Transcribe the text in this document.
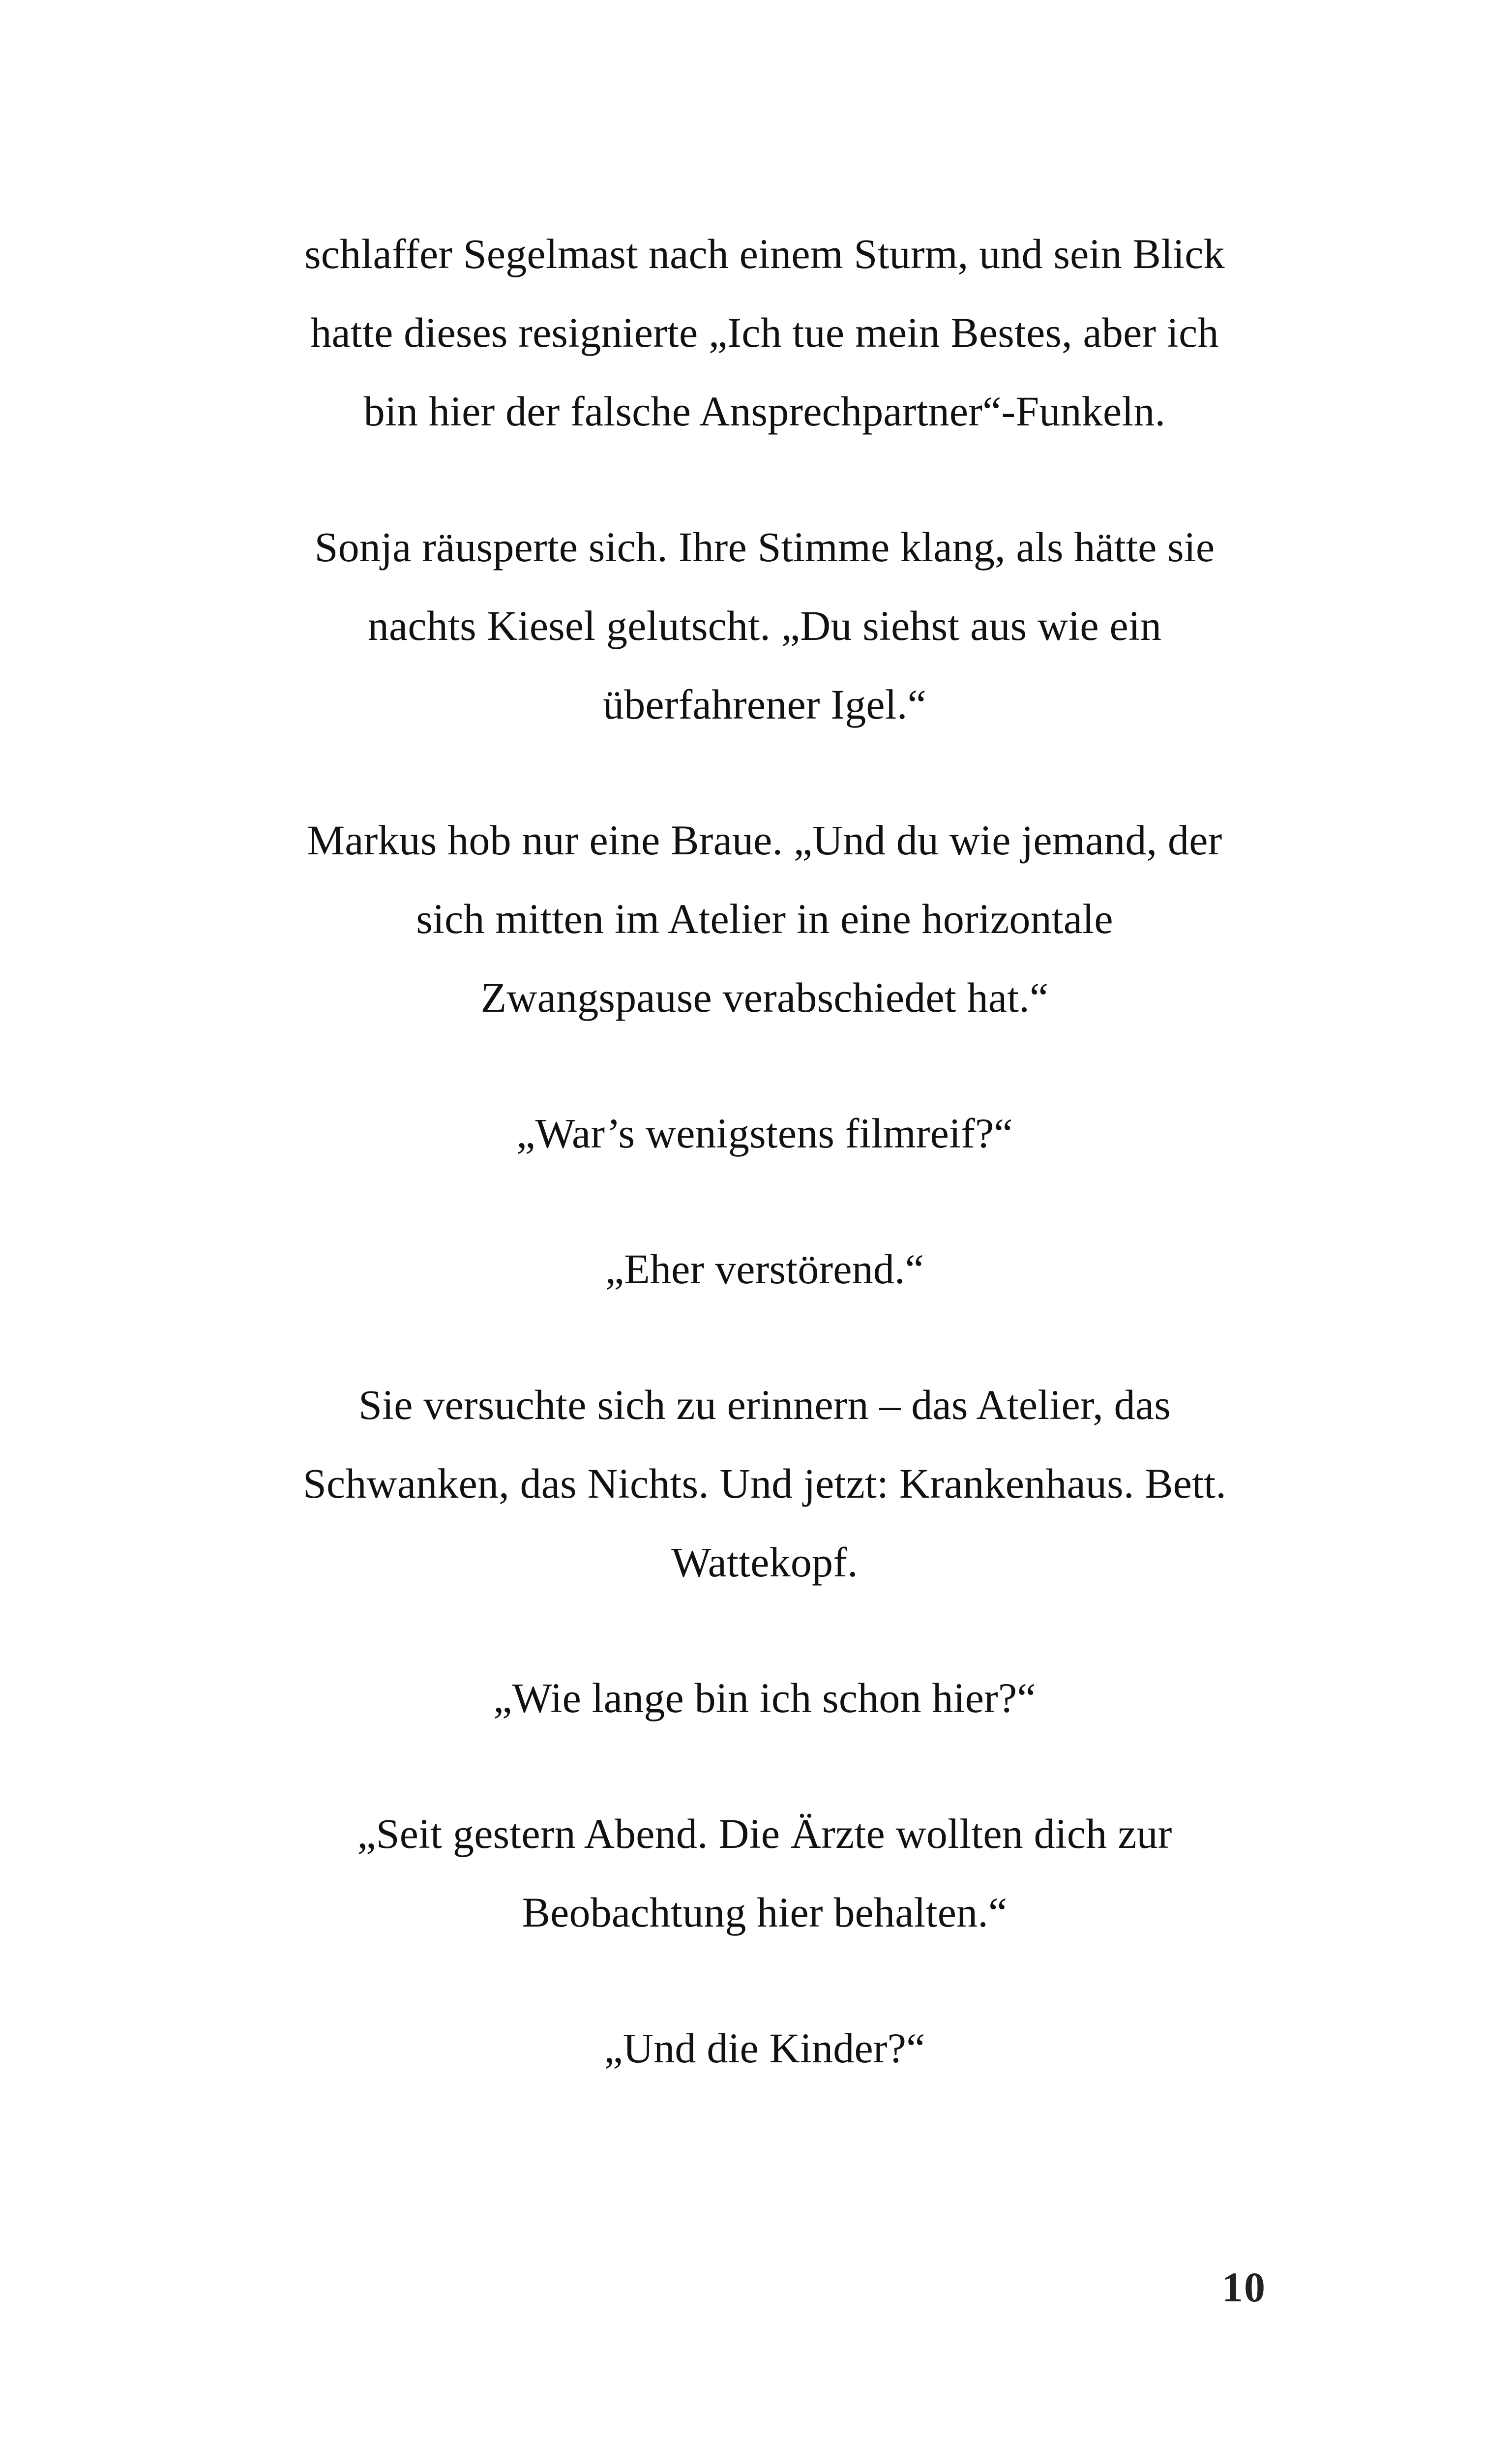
schlaffer Segelmast nach einem Sturm, und sein Blick
hatte dieses resignierte „Ich tue mein Bestes, aber ich
bin hier der falsche Ansprechpartner“-Funkeln.

Sonja räusperte sich. Ihre Stimme klang, als hätte sie
nachts Kiesel gelutscht. „Du siehst aus wie ein
überfahrener Igel.“

Markus hob nur eine Braue. „Und du wie jemand, der
sich mitten im Atelier in eine horizontale
Zwangspause verabschiedet hat.“

„War’s wenigstens filmreif?“

„Eher verstörend.“

Sie versuchte sich zu erinnern – das Atelier, das
Schwanken, das Nichts. Und jetzt: Krankenhaus. Bett.
Wattekopf.

„Wie lange bin ich schon hier?“

„Seit gestern Abend. Die Ärzte wollten dich zur
Beobachtung hier behalten.“

„Und die Kinder?“

10
